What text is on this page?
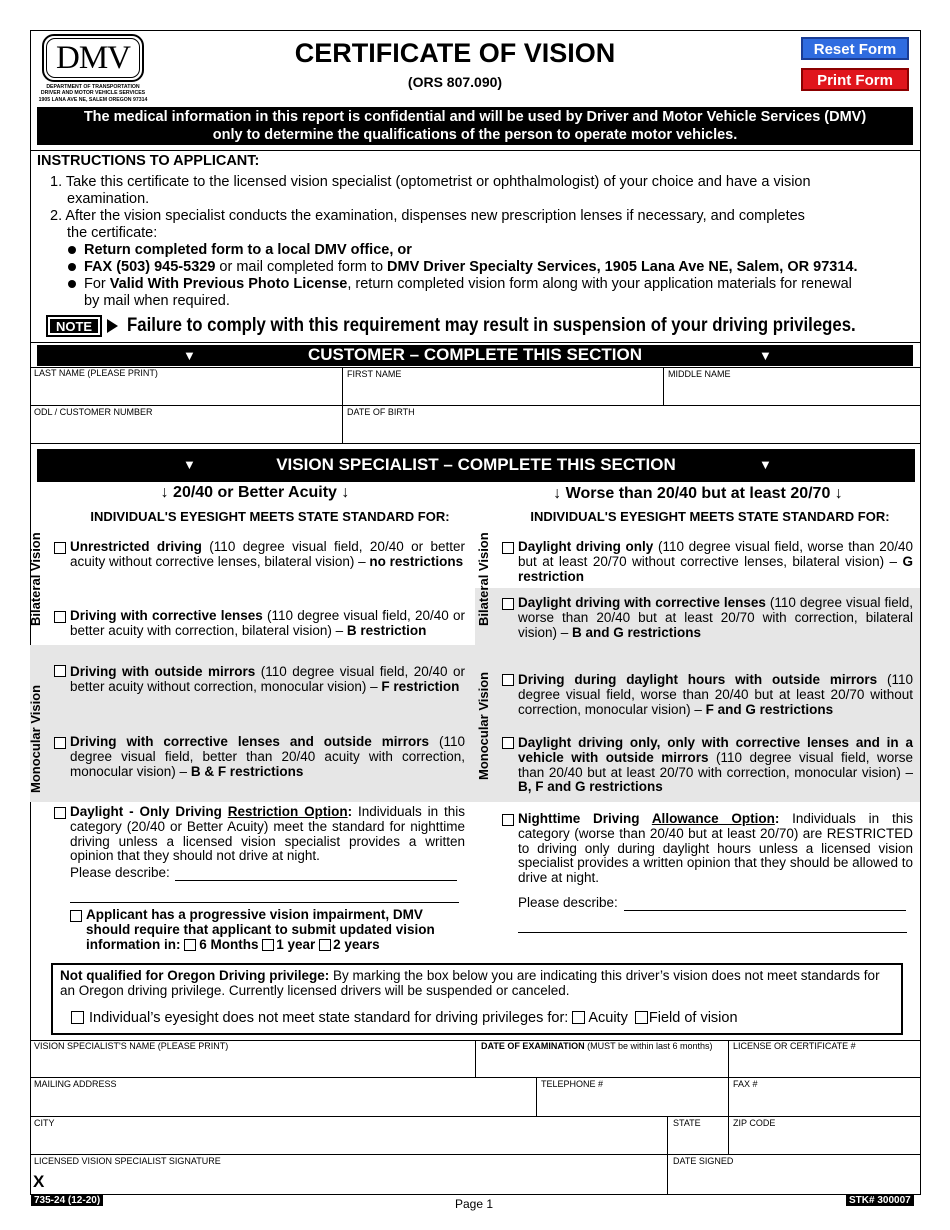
DMV
DEPARTMENT OF TRANSPORTATION
DRIVER AND MOTOR VEHICLE SERVICES
1905 LANA AVE NE, SALEM OREGON 97314
CERTIFICATE OF VISION
(ORS 807.090)
Reset Form
Print Form
The medical information in this report is confidential and will be used by Driver and Motor Vehicle Services (DMV)
only to determine the qualifications of the person to operate motor vehicles.
INSTRUCTIONS TO APPLICANT:
1. Take this certificate to the licensed vision specialist (optometrist or ophthalmologist) of your choice and have a vision
examination.
2. After the vision specialist conducts the examination, dispenses new prescription lenses if necessary, and completes
the certificate:
Return completed form to a local DMV office, or
FAX (503) 945-5329 or mail completed form to DMV Driver Specialty Services, 1905 Lana Ave NE, Salem, OR 97314.
For Valid With Previous Photo License, return completed vision form along with your application materials for renewal
by mail when required.
NOTE	Failure to comply with this requirement may result in suspension of your driving privileges.
▼	CUSTOMER – COMPLETE THIS SECTION	▼
LAST NAME (PLEASE PRINT)	FIRST NAME	MIDDLE NAME
ODL / CUSTOMER NUMBER	DATE OF BIRTH
▼	VISION SPECIALIST – COMPLETE THIS SECTION	▼
↓ 20/40 or Better Acuity ↓	↓ Worse than 20/40 but at least 20/70 ↓
INDIVIDUAL'S EYESIGHT MEETS STATE STANDARD FOR:	INDIVIDUAL'S EYESIGHT MEETS STATE STANDARD FOR:
Bilateral Vision	Bilateral Vision
Monocular Vision	Monocular Vision
Unrestricted driving (110 degree visual field, 20/40 or better acuity without corrective lenses, bilateral vision) – no restrictions
Driving with corrective lenses (110 degree visual field, 20/40 or better acuity with correction, bilateral vision) – B restriction
Driving with outside mirrors (110 degree visual field, 20/40 or better acuity without correction, monocular vision) – F restriction
Driving with corrective lenses and outside mirrors (110 degree visual field, better than 20/40 acuity with correction, monocular vision) – B & F restrictions
Daylight driving only (110 degree visual field, worse than 20/40 but at least 20/70 without corrective lenses, bilateral vision) – G restriction
Daylight driving with corrective lenses (110 degree visual field, worse than 20/40 but at least 20/70 with correction, bilateral vision) – B and G restrictions
Driving during daylight hours with outside mirrors (110 degree visual field, worse than 20/40 but at least 20/70 without correction, monocular vision) – F and G restrictions
Daylight driving only, only with corrective lenses and in a vehicle with outside mirrors (110 degree visual field, worse than 20/40 but at least 20/70 with correction, monocular vision) – B, F and G restrictions
Daylight - Only Driving Restriction Option: Individuals in this category (20/40 or Better Acuity) meet the standard for nighttime driving unless a licensed vision specialist provides a written opinion that they should not drive at night.
Please describe:
Applicant has a progressive vision impairment, DMV
should require that applicant to submit updated vision
information in: 6 Months 1 year 2 years
Nighttime Driving Allowance Option: Individuals in this category (worse than 20/40 but at least 20/70) are RESTRICTED to driving only during daylight hours unless a licensed vision specialist provides a written opinion that they should be allowed to drive at night.
Please describe:
Not qualified for Oregon Driving privilege: By marking the box below you are indicating this driver’s vision does not meet standards for an Oregon driving privilege. Currently licensed drivers will be suspended or canceled.
Individual’s eyesight does not meet state standard for driving privileges for: Acuity Field of vision
VISION SPECIALIST'S NAME (PLEASE PRINT)	DATE OF EXAMINATION (MUST be within last 6 months) LICENSE OR CERTIFICATE #
MAILING ADDRESS	TELEPHONE #	FAX #
CITY	STATE	ZIP CODE
LICENSED VISION SPECIALIST SIGNATURE	DATE SIGNED
X
735-24 (12-20)	Page 1	STK# 300007
